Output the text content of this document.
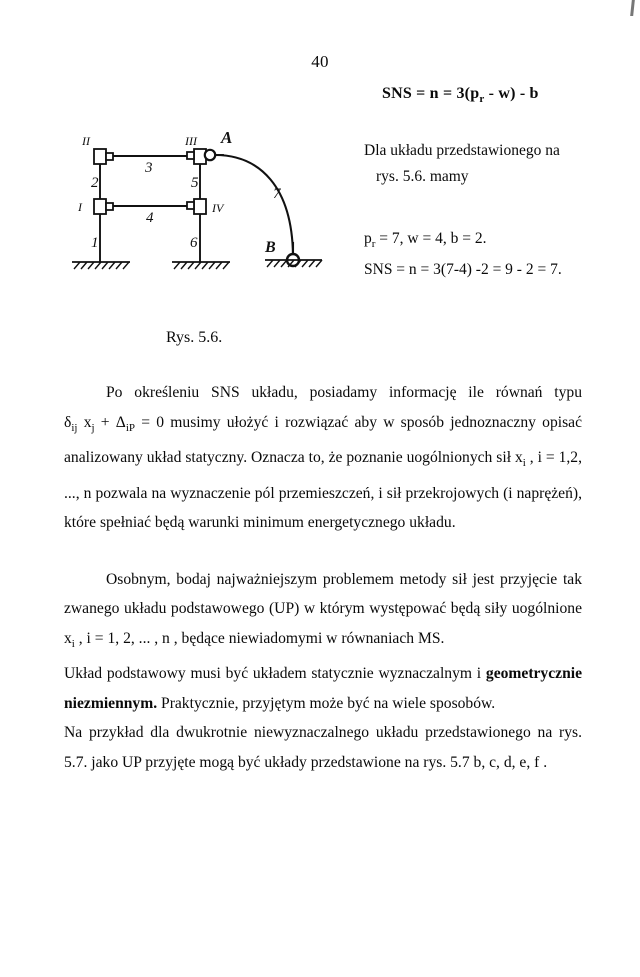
40
SNS = $n = 3(p_r - w) - b$
Dla układu przedstawionego na
rys. 5.6. mamy
$p_r = 7$, w = 4, b = 2.
SNS = n = 3(7-4) -2 = 9 - 2 = 7.
II	III
I	IV
A
B
1
2
3
4
5
6
7
Rys. 5.6.

Po określeniu SNS układu, posiadamy informację ile równań typu $\delta_{ij}$ $x_j + \Delta_{iP} = 0$ musimy ułożyć i rozwiązać aby w sposób jednoznaczny opisać analizowany układ statyczny. Oznacza to, że poznanie uogólnionych sił $x_i$ , i = 1,2, ..., n pozwala na wyznaczenie pól przemieszczeń, i sił przekrojowych (i naprężeń), które spełniać będą warunki minimum energetycznego układu.

Osobnym, bodaj najważniejszym problemem metody sił jest przyjęcie tak zwanego układu podstawowego (UP) w którym występować będą siły uogólnione $x_i$ , i = 1, 2, ... , n , będące niewiadomymi w równaniach MS.

Układ podstawowy musi być układem statycznie wyznaczalnym i geometrycznie niezmiennym. Praktycznie, przyjętym może być na wiele sposobów.

Na przykład dla dwukrotnie niewyznaczalnego układu przedstawionego na rys. 5.7. jako UP przyjęte mogą być układy przedstawione na rys. 5.7 b, c, d, e, f .
